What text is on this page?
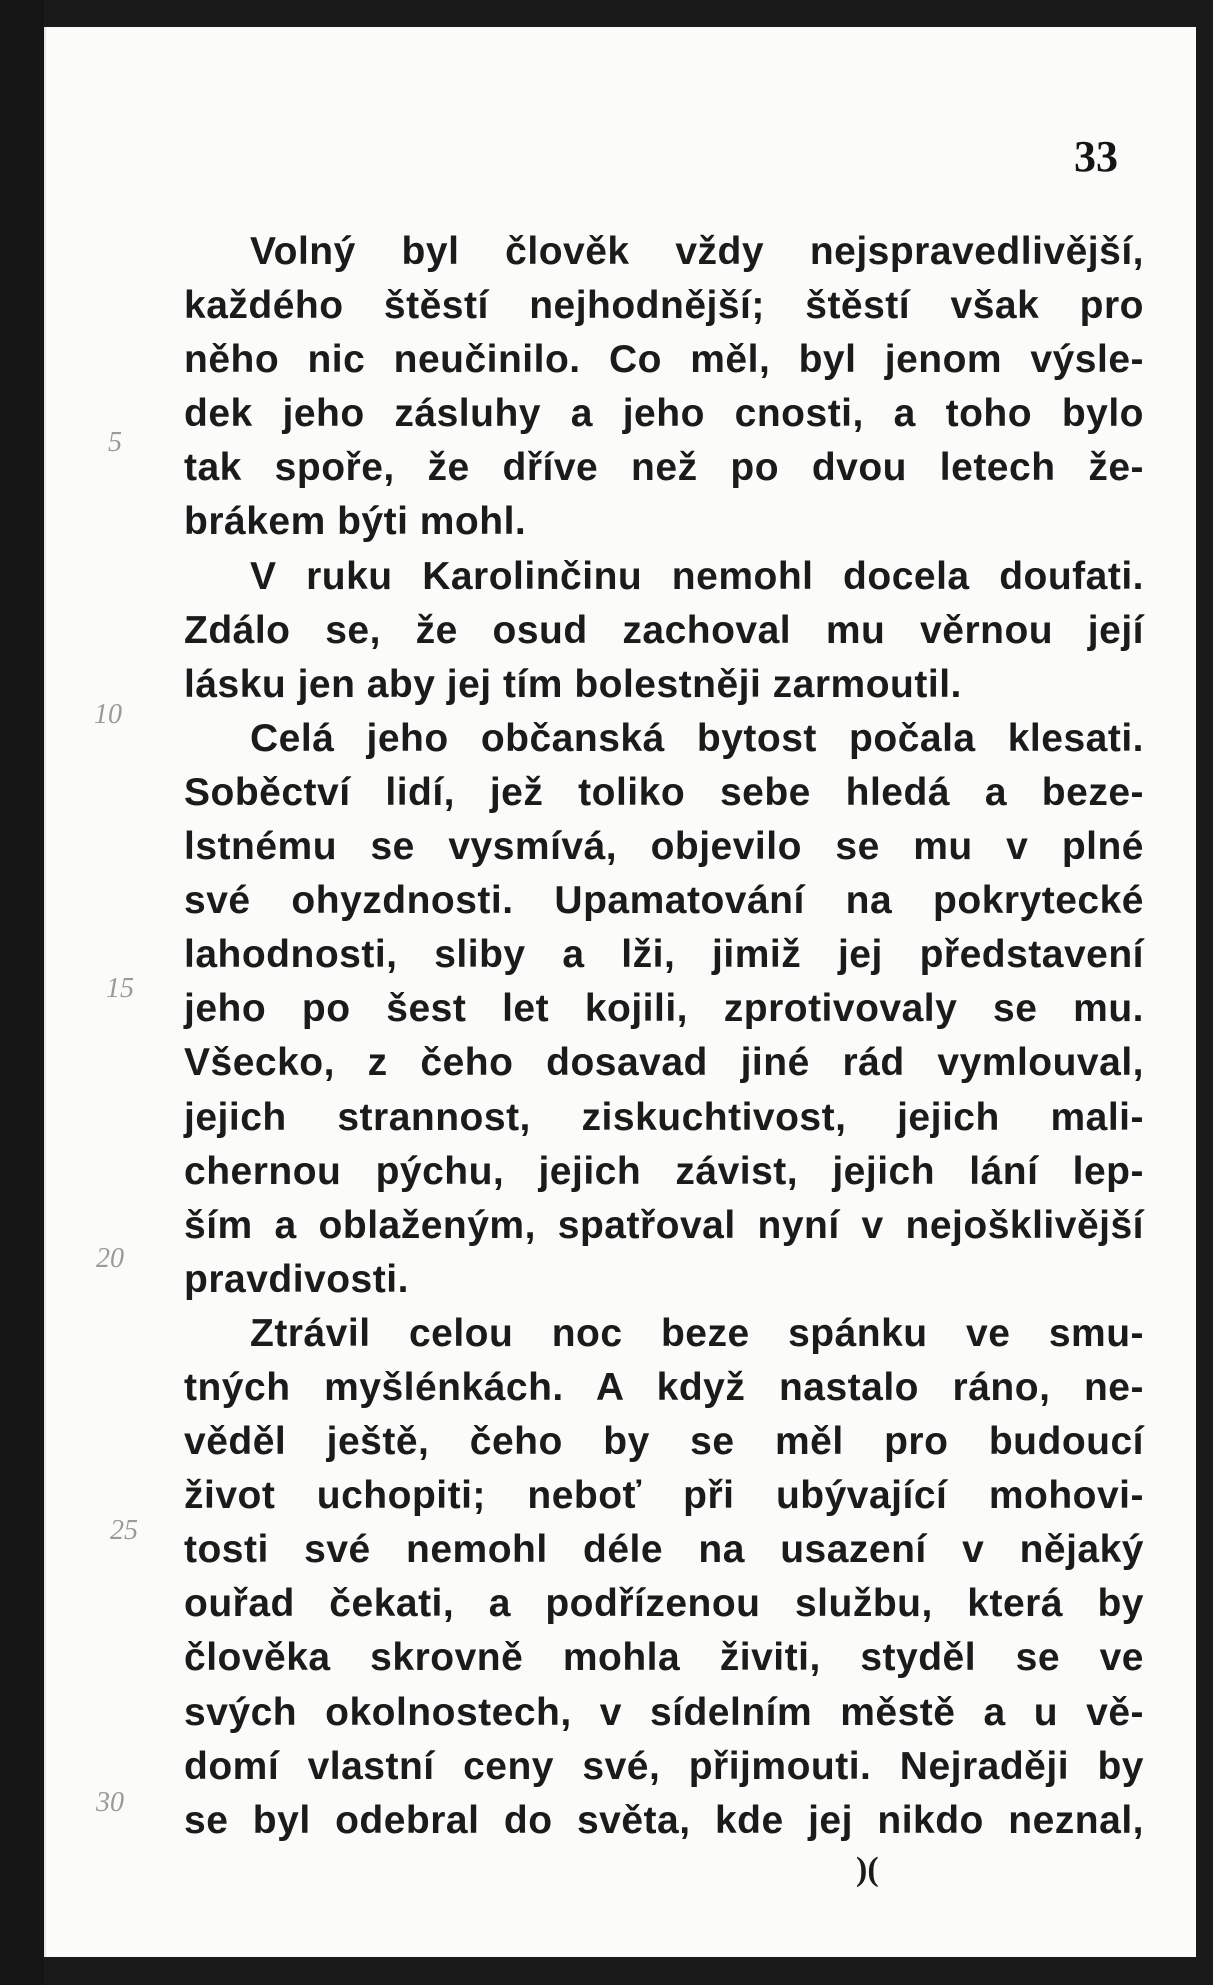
33
5
10
15
20
25
30
Volný byl člověk vždy nejspravedlivější,
každého štěstí nejhodnější; štěstí však pro
něho nic neučinilo. Co měl, byl jenom výsle-
dek jeho zásluhy a jeho cnosti, a toho bylo
tak spoře, že dříve než po dvou letech že-
brákem býti mohl.
V ruku Karolinčinu nemohl docela doufati.
Zdálo se, že osud zachoval mu věrnou její
lásku jen aby jej tím bolestněji zarmoutil.
Celá jeho občanská bytost počala klesati.
Soběctví lidí, jež toliko sebe hledá a beze-
lstnému se vysmívá, objevilo se mu v plné
své ohyzdnosti. Upamatování na pokrytecké
lahodnosti, sliby a lži, jimiž jej představení
jeho po šest let kojili, zprotivovaly se mu.
Všecko, z čeho dosavad jiné rád vymlouval,
jejich strannost, ziskuchtivost, jejich mali-
chernou pýchu, jejich závist, jejich lání lep-
ším a oblaženým, spatřoval nyní v nejošklivější
pravdivosti.
Ztrávil celou noc beze spánku ve smu-
tných myšlénkách. A když nastalo ráno, ne-
věděl ještě, čeho by se měl pro budoucí
život uchopiti; neboť při ubývající mohovi-
tosti své nemohl déle na usazení v nějaký
ouřad čekati, a podřízenou službu, která by
člověka skrovně mohla živiti, styděl se ve
svých okolnostech, v sídelním městě a u vě-
domí vlastní ceny své, přijmouti. Nejraději by
se byl odebral do světa, kde jej nikdo neznal,
)(
